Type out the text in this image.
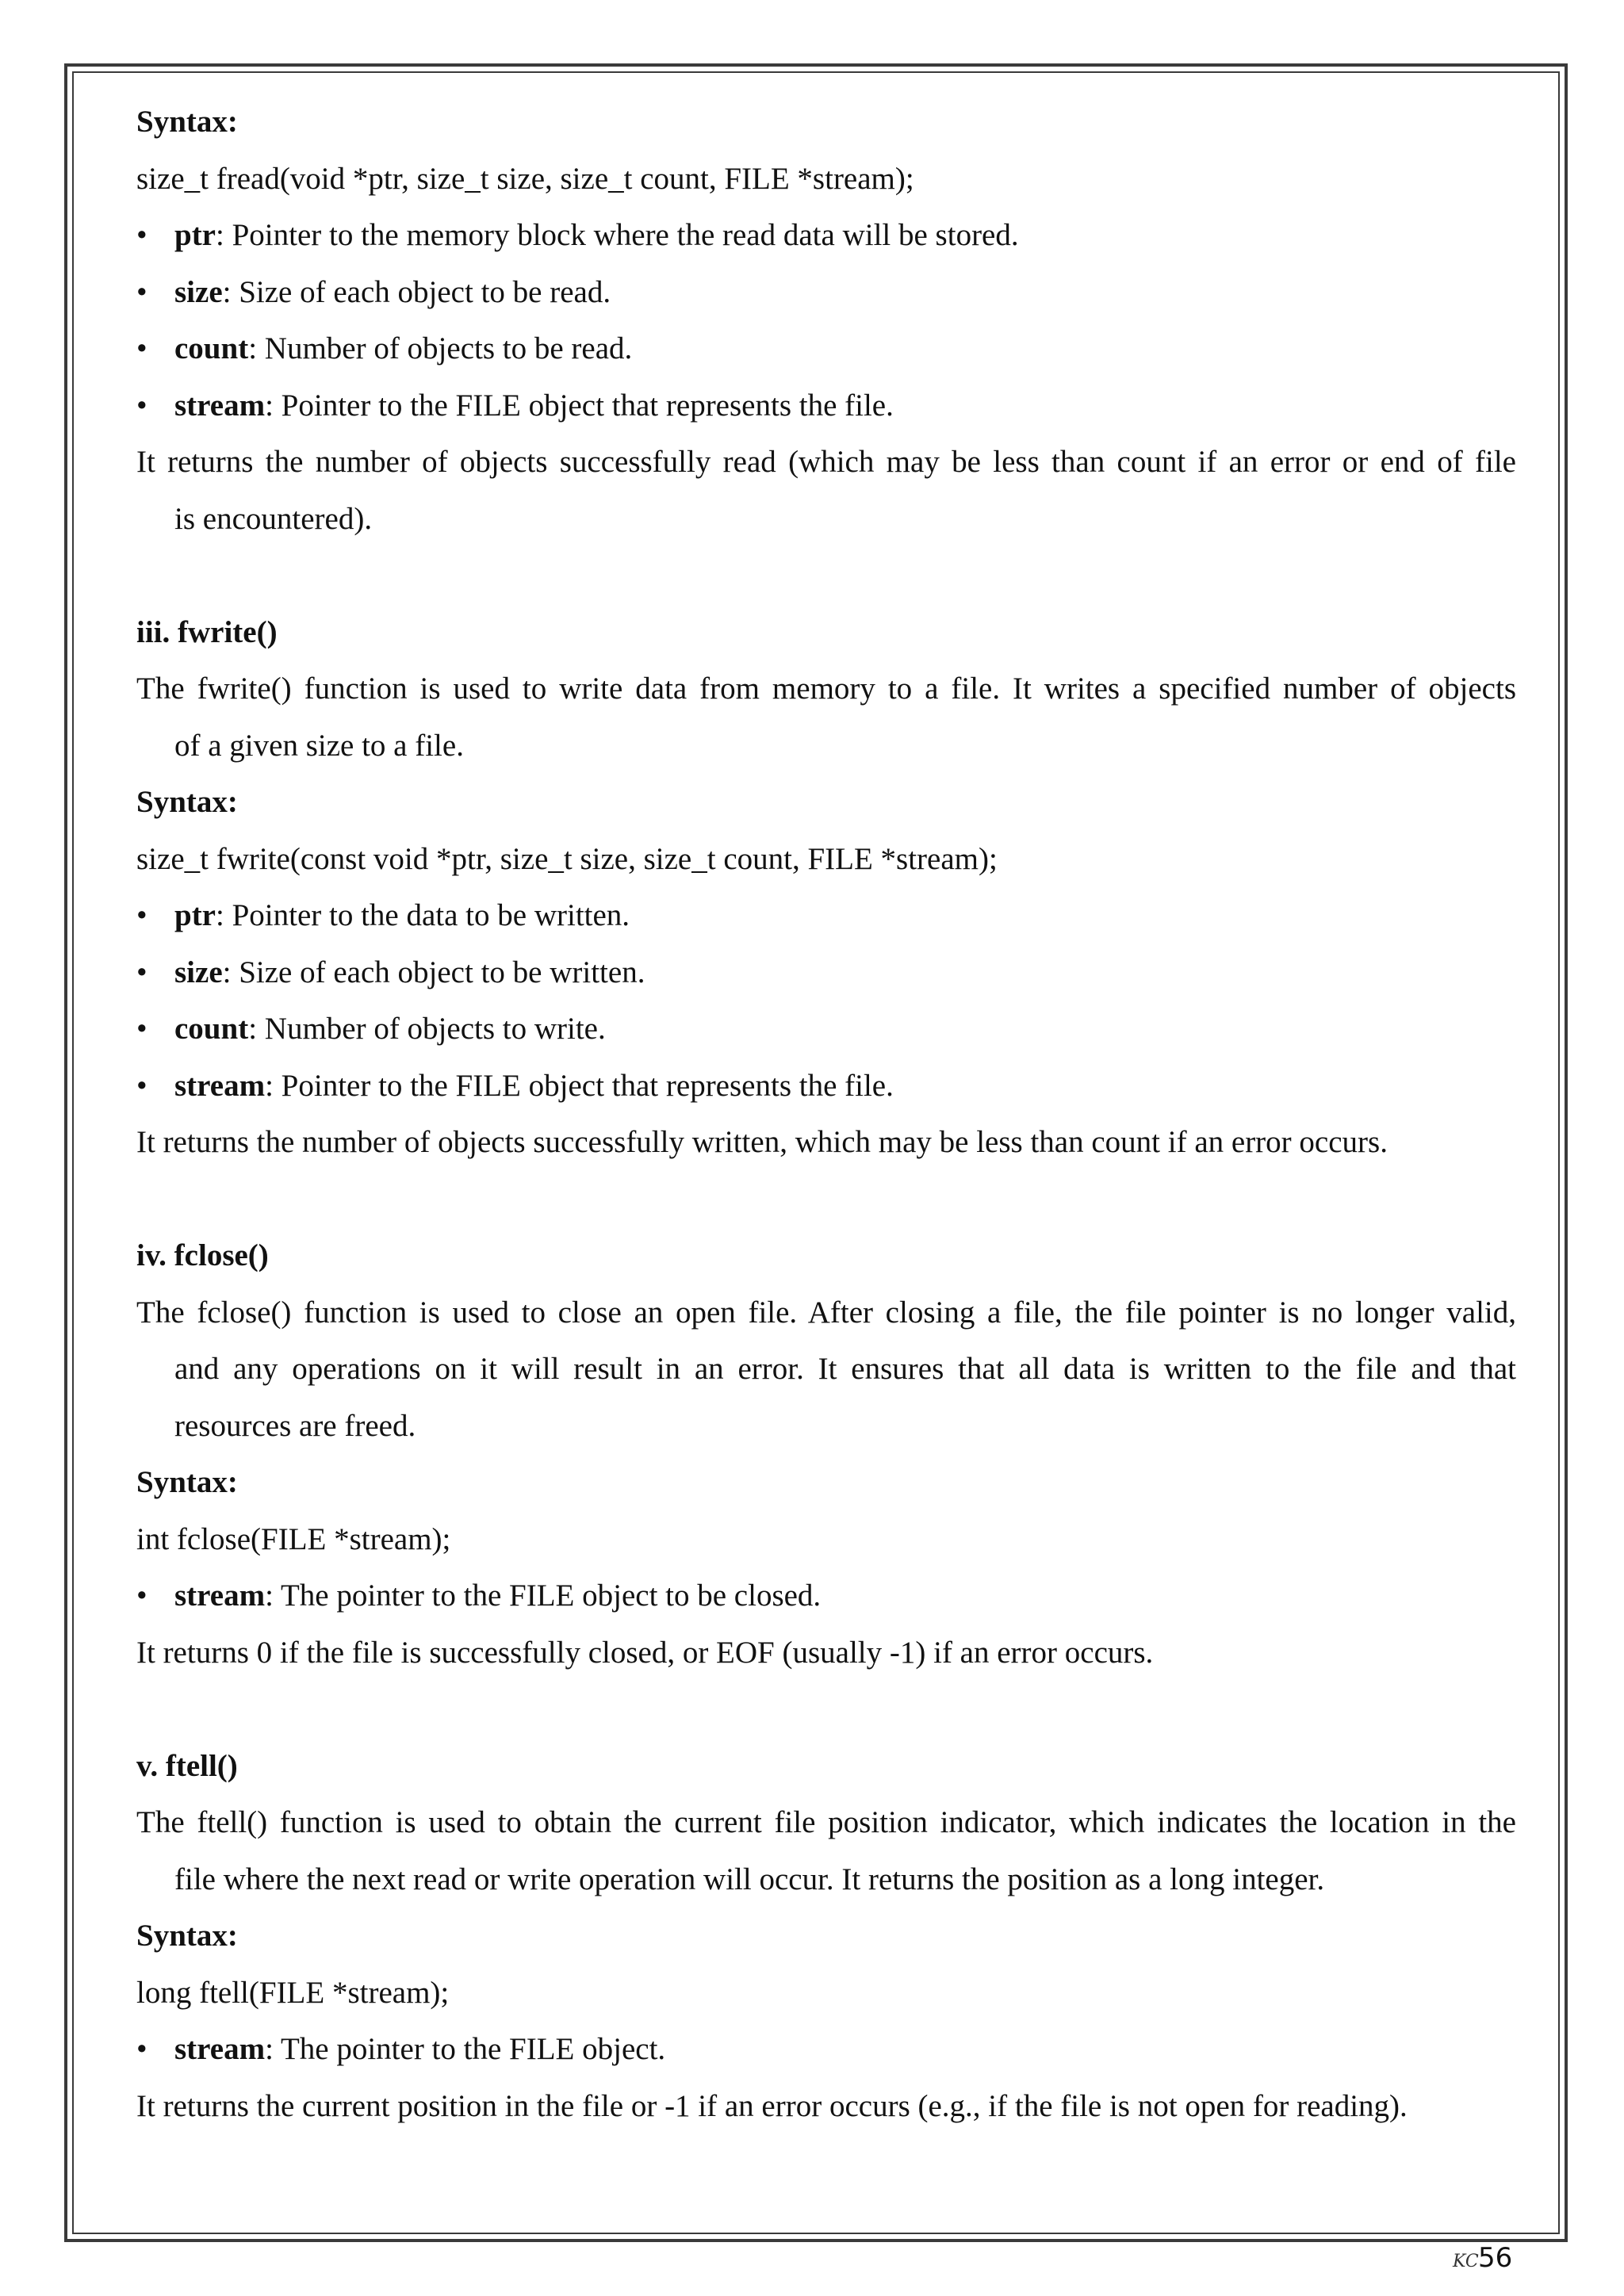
Syntax:
size_t fread(void *ptr, size_t size, size_t count, FILE *stream);
• ptr: Pointer to the memory block where the read data will be stored.
• size: Size of each object to be read.
• count: Number of objects to be read.
• stream: Pointer to the FILE object that represents the file.
It returns the number of objects successfully read (which may be less than count if an error or end of file
is encountered).
iii. fwrite()
The fwrite() function is used to write data from memory to a file. It writes a specified number of objects
of a given size to a file.
Syntax:
size_t fwrite(const void *ptr, size_t size, size_t count, FILE *stream);
• ptr: Pointer to the data to be written.
• size: Size of each object to be written.
• count: Number of objects to write.
• stream: Pointer to the FILE object that represents the file.
It returns the number of objects successfully written, which may be less than count if an error occurs.
iv. fclose()
The fclose() function is used to close an open file. After closing a file, the file pointer is no longer valid,
and any operations on it will result in an error. It ensures that all data is written to the file and that
resources are freed.
Syntax:
int fclose(FILE *stream);
• stream: The pointer to the FILE object to be closed.
It returns 0 if the file is successfully closed, or EOF (usually -1) if an error occurs.
v. ftell()
The ftell() function is used to obtain the current file position indicator, which indicates the location in the
file where the next read or write operation will occur. It returns the position as a long integer.
Syntax:
long ftell(FILE *stream);
• stream: The pointer to the FILE object.
It returns the current position in the file or -1 if an error occurs (e.g., if the file is not open for reading).
KC 56
